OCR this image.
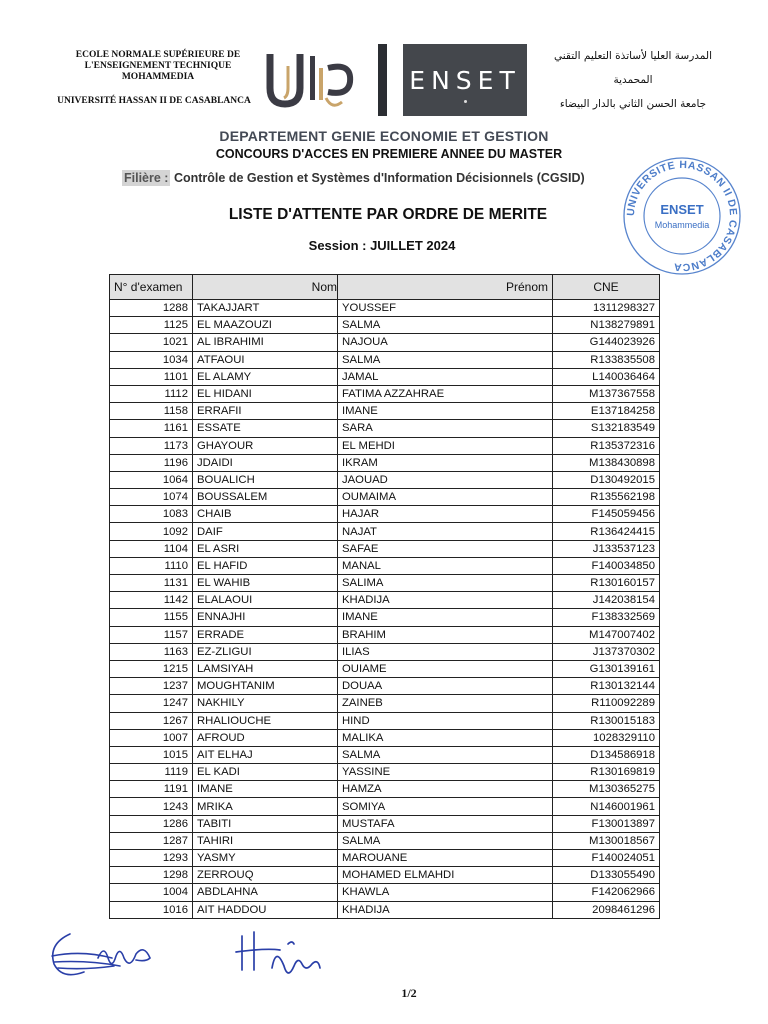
ECOLE NORMALE SUPÉRIEURE DE
L'ENSEIGNEMENT TECHNIQUE
MOHAMMEDIA
UNIVERSITÉ HASSAN II DE CASABLANCA
ENSET
المدرسة العليا لأساتذة التعليم التقني
المحمدية
جامعة الحسن الثاني بالدار البيضاء
DEPARTEMENT GENIE ECONOMIE ET GESTION
CONCOURS D'ACCES EN PREMIERE ANNEE DU MASTER
Filière : Contrôle de Gestion et Systèmes d'Information Décisionnels (CGSID)
LISTE D'ATTENTE PAR ORDRE DE MERITE
Session : JUILLET 2024
UNIVERSITE HASSAN II DE CASABLANCA
ENSET
Mohammedia
N° d'examen	Nom	Prénom	CNE
1288	TAKAJJART	YOUSSEF	1311298327
1125	EL MAAZOUZI	SALMA	N138279891
1021	AL IBRAHIMI	NAJOUA	G144023926
1034	ATFAOUI	SALMA	R133835508
1101	EL ALAMY	JAMAL	L140036464
1112	EL HIDANI	FATIMA AZZAHRAE	M137367558
1158	ERRAFII	IMANE	E137184258
1161	ESSATE	SARA	S132183549
1173	GHAYOUR	EL MEHDI	R135372316
1196	JDAIDI	IKRAM	M138430898
1064	BOUALICH	JAOUAD	D130492015
1074	BOUSSALEM	OUMAIMA	R135562198
1083	CHAIB	HAJAR	F145059456
1092	DAIF	NAJAT	R136424415
1104	EL ASRI	SAFAE	J133537123
1110	EL HAFID	MANAL	F140034850
1131	EL WAHIB	SALIMA	R130160157
1142	ELALAOUI	KHADIJA	J142038154
1155	ENNAJHI	IMANE	F138332569
1157	ERRADE	BRAHIM	M147007402
1163	EZ-ZLIGUI	ILIAS	J137370302
1215	LAMSIYAH	OUIAME	G130139161
1237	MOUGHTANIM	DOUAA	R130132144
1247	NAKHILY	ZAINEB	R110092289
1267	RHALIOUCHE	HIND	R130015183
1007	AFROUD	MALIKA	1028329110
1015	AIT ELHAJ	SALMA	D134586918
1119	EL KADI	YASSINE	R130169819
1191	IMANE	HAMZA	M130365275
1243	MRIKA	SOMIYA	N146001961
1286	TABITI	MUSTAFA	F130013897
1287	TAHIRI	SALMA	M130018567
1293	YASMY	MAROUANE	F140024051
1298	ZERROUQ	MOHAMED ELMAHDI	D133055490
1004	ABDLAHNA	KHAWLA	F142062966
1016	AIT HADDOU	KHADIJA	2098461296
1/2
